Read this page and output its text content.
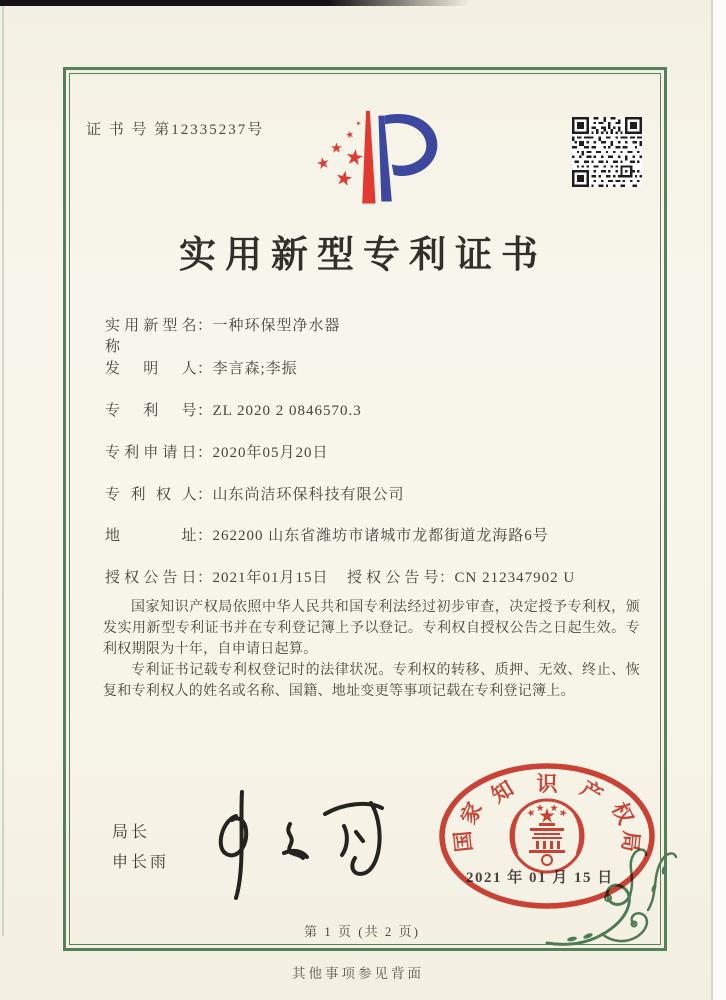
证 书 号 第12335237号
实用新型专利证书
实用新型名称：一种环保型净水器
发明人：李言森;李振
专利号：ZL 2020 2 0846570.3
专利申请日：2020年05月20日
专利权人：山东尚洁环保科技有限公司
地址：262200 山东省潍坊市诸城市龙都街道龙海路6号
授权公告日：2021年01月15日 授权公告号：CN 212347902 U

国家知识产权局依照中华人民共和国专利法经过初步审查，决定授予专利权，颁发实用新型专利证书并在专利登记簿上予以登记。专利权自授权公告之日起生效。专利权期限为十年，自申请日起算。

专利证书记载专利权登记时的法律状况。专利权的转移、质押、无效、终止、恢复和专利权人的姓名或名称、国籍、地址变更等事项记载在专利登记簿上。

局长
申长雨
2021 年 01 月 15 日
国
家
知 识 产
权
局
第 1 页 (共 2 页)
其他事项参见背面
